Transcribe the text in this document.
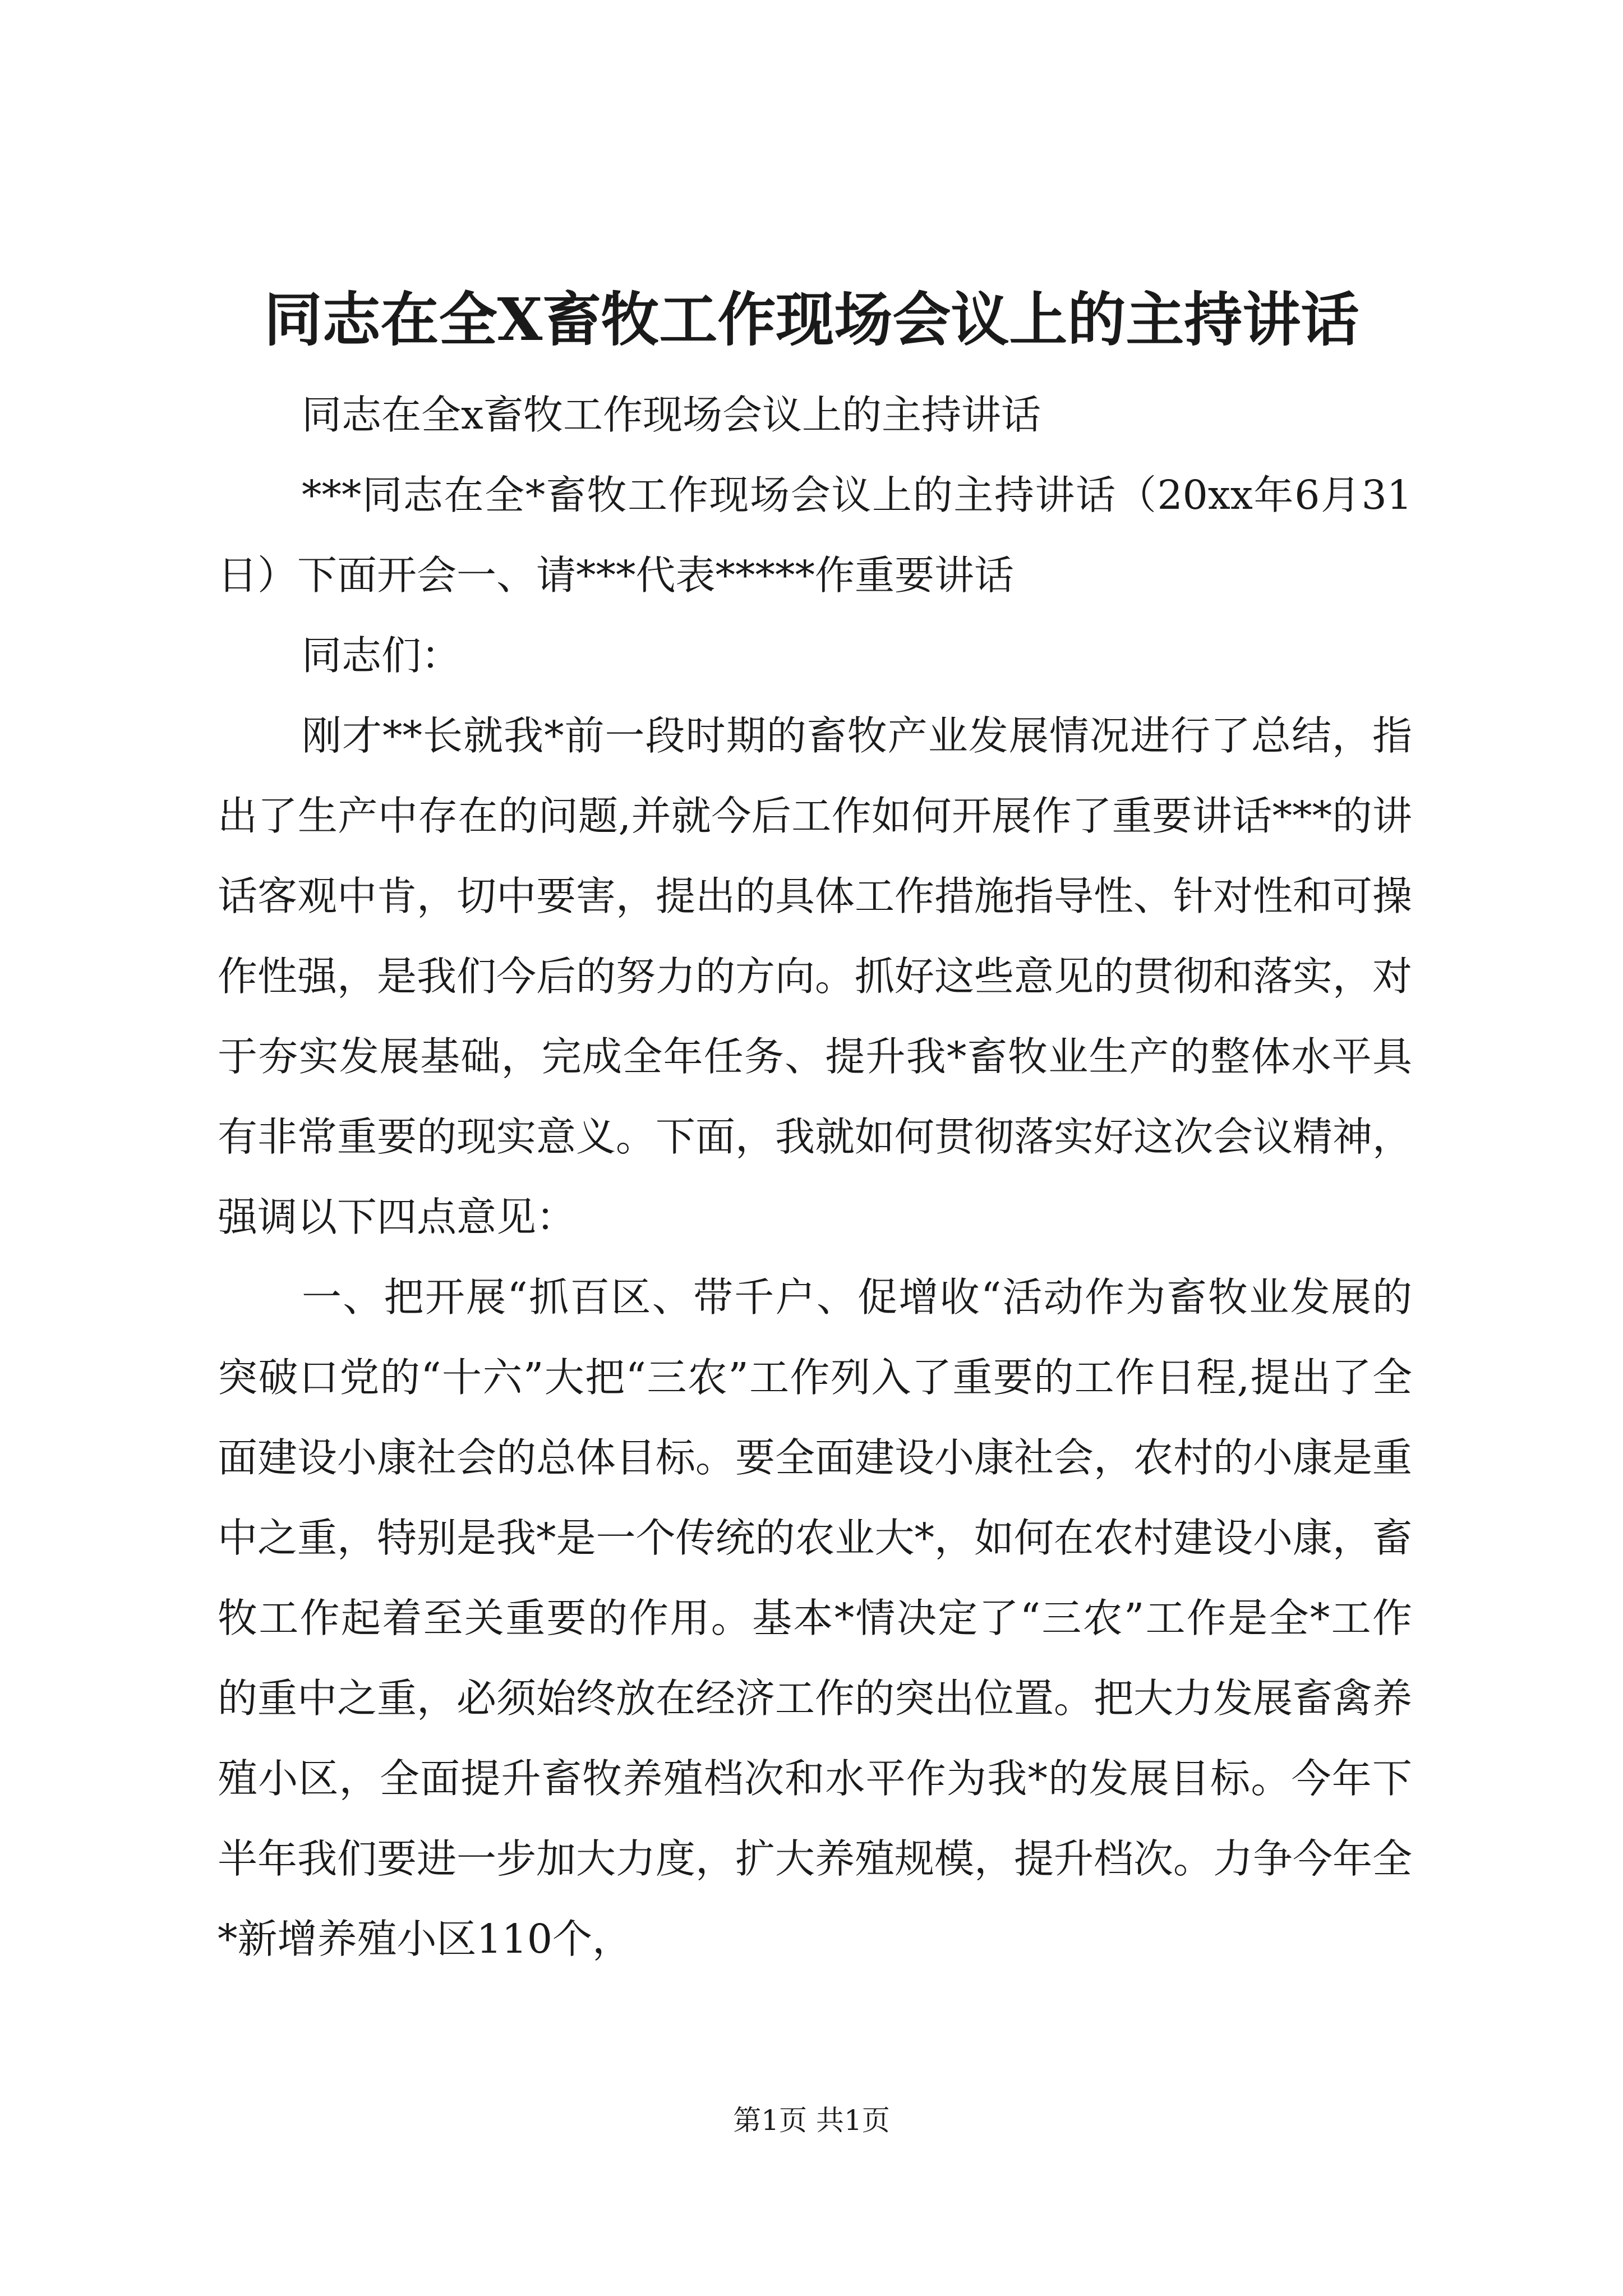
同志在全X畜牧工作现场会议上的主持讲话

同志在全x畜牧工作现场会议上的主持讲话

***同志在全*畜牧工作现场会议上的主持讲话（20xx年6月31日）下面开会一、请***代表*****作重要讲话

同志们：

刚才**长就我*前一段时期的畜牧产业发展情况进行了总结，指出了生产中存在的问题,并就今后工作如何开展作了重要讲话***的讲话客观中肯，切中要害，提出的具体工作措施指导性、针对性和可操作性强，是我们今后的努力的方向。抓好这些意见的贯彻和落实，对于夯实发展基础，完成全年任务、提升我*畜牧业生产的整体水平具有非常重要的现实意义。下面，我就如何贯彻落实好这次会议精神，强调以下四点意见：

一、把开展“抓百区、带千户、促增收“活动作为畜牧业发展的突破口党的“十六”大把“三农”工作列入了重要的工作日程,提出了全面建设小康社会的总体目标。要全面建设小康社会，农村的小康是重中之重，特别是我*是一个传统的农业大*，如何在农村建设小康，畜牧工作起着至关重要的作用。基本*情决定了“三农”工作是全*工作的重中之重，必须始终放在经济工作的突出位置。把大力发展畜禽养殖小区，全面提升畜牧养殖档次和水平作为我*的发展目标。今年下半年我们要进一步加大力度，扩大养殖规模，提升档次。力争今年全*新增养殖小区110个，

第1页 共1页
